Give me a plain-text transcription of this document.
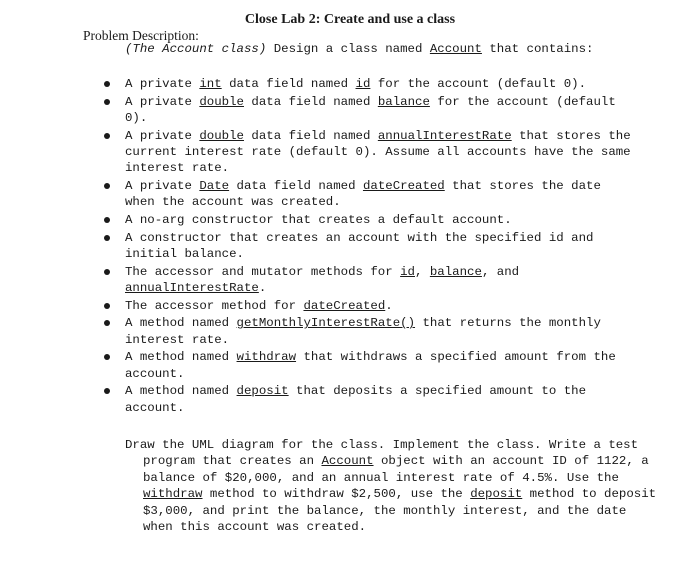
Close Lab 2: Create and use a class
Problem Description:
(The Account class) Design a class named Account that contains:
A private int data field named id for the account (default 0).
A private double data field named balance for the account (default 0).
A private double data field named annualInterestRate that stores the current interest rate (default 0). Assume all accounts have the same interest rate.
A private Date data field named dateCreated that stores the date when the account was created.
A no-arg constructor that creates a default account.
A constructor that creates an account with the specified id and initial balance.
The accessor and mutator methods for id, balance, and annualInterestRate.
The accessor method for dateCreated.
A method named getMonthlyInterestRate() that returns the monthly interest rate.
A method named withdraw that withdraws a specified amount from the account.
A method named deposit that deposits a specified amount to the account.
Draw the UML diagram for the class. Implement the class. Write a test program that creates an Account object with an account ID of 1122, a balance of $20,000, and an annual interest rate of 4.5%. Use the withdraw method to withdraw $2,500, use the deposit method to deposit $3,000, and print the balance, the monthly interest, and the date when this account was created.
